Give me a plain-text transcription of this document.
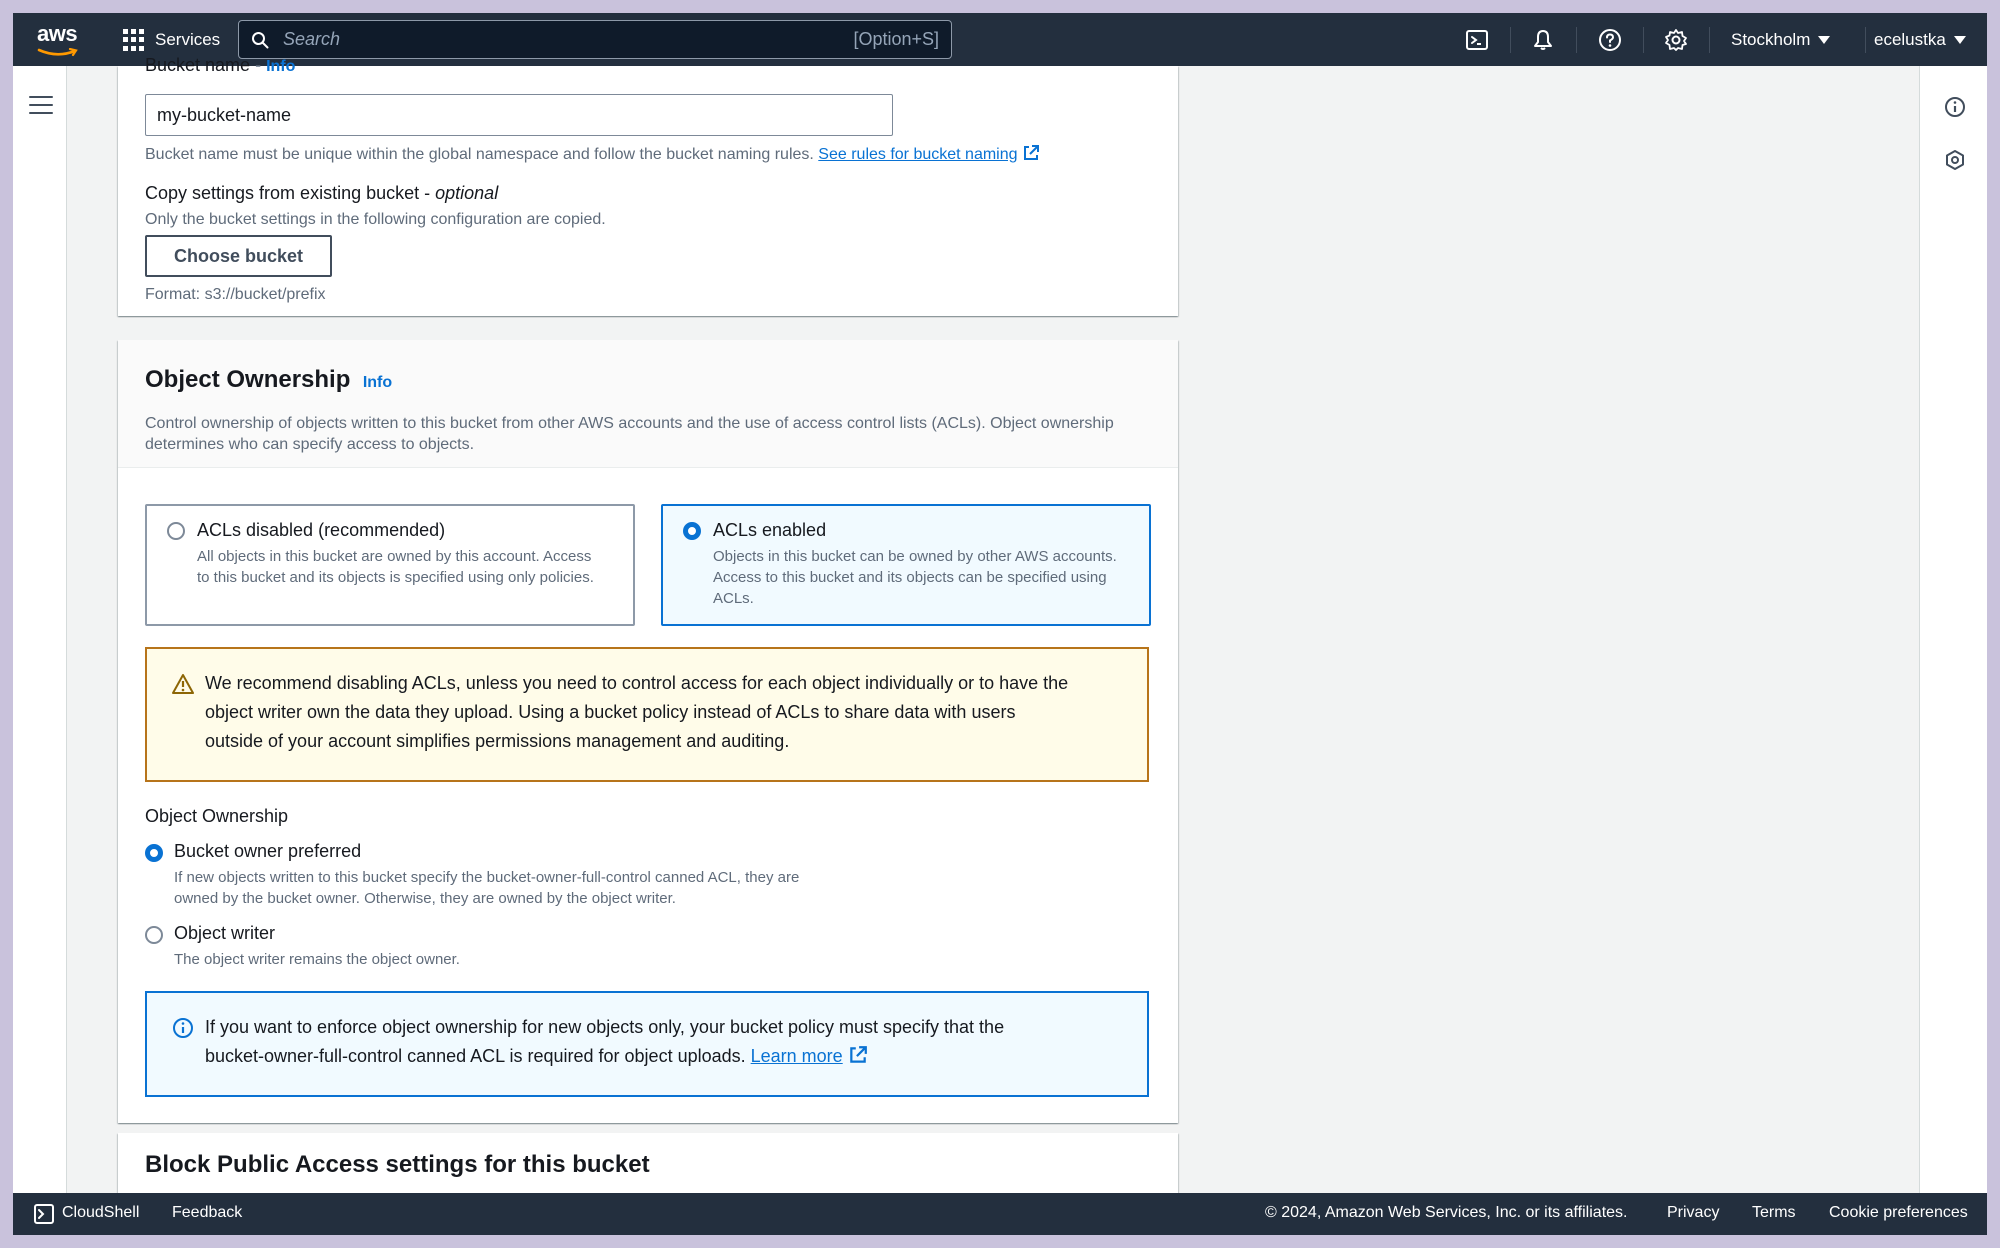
aws	Services
Search	[Option+S]	Stockholm	ecelustka
Bucket name - Info
my-bucket-name
Bucket name must be unique within the global namespace and follow the bucket naming rules. See rules for bucket naming
Copy settings from existing bucket - optional
Only the bucket settings in the following configuration are copied.
Choose bucket
Format: s3://bucket/prefix
Object Ownership Info
Control ownership of objects written to this bucket from other AWS accounts and the use of access control lists (ACLs). Object ownership
determines who can specify access to objects.
ACLs disabled (recommended)
All objects in this bucket are owned by this account. Access to this bucket and its objects is specified using only policies.
ACLs enabled
Objects in this bucket can be owned by other AWS accounts. Access to this bucket and its objects can be specified using ACLs.
We recommend disabling ACLs, unless you need to control access for each object individually or to have the
object writer own the data they upload. Using a bucket policy instead of ACLs to share data with users
outside of your account simplifies permissions management and auditing.
Object Ownership
Bucket owner preferred
If new objects written to this bucket specify the bucket-owner-full-control canned ACL, they are
owned by the bucket owner. Otherwise, they are owned by the object writer.
Object writer
The object writer remains the object owner.
If you want to enforce object ownership for new objects only, your bucket policy must specify that the
bucket-owner-full-control canned ACL is required for object uploads. Learn more
Block Public Access settings for this bucket
CloudShell Feedback	© 2024, Amazon Web Services, Inc. or its affiliates. Privacy Terms Cookie preferences
